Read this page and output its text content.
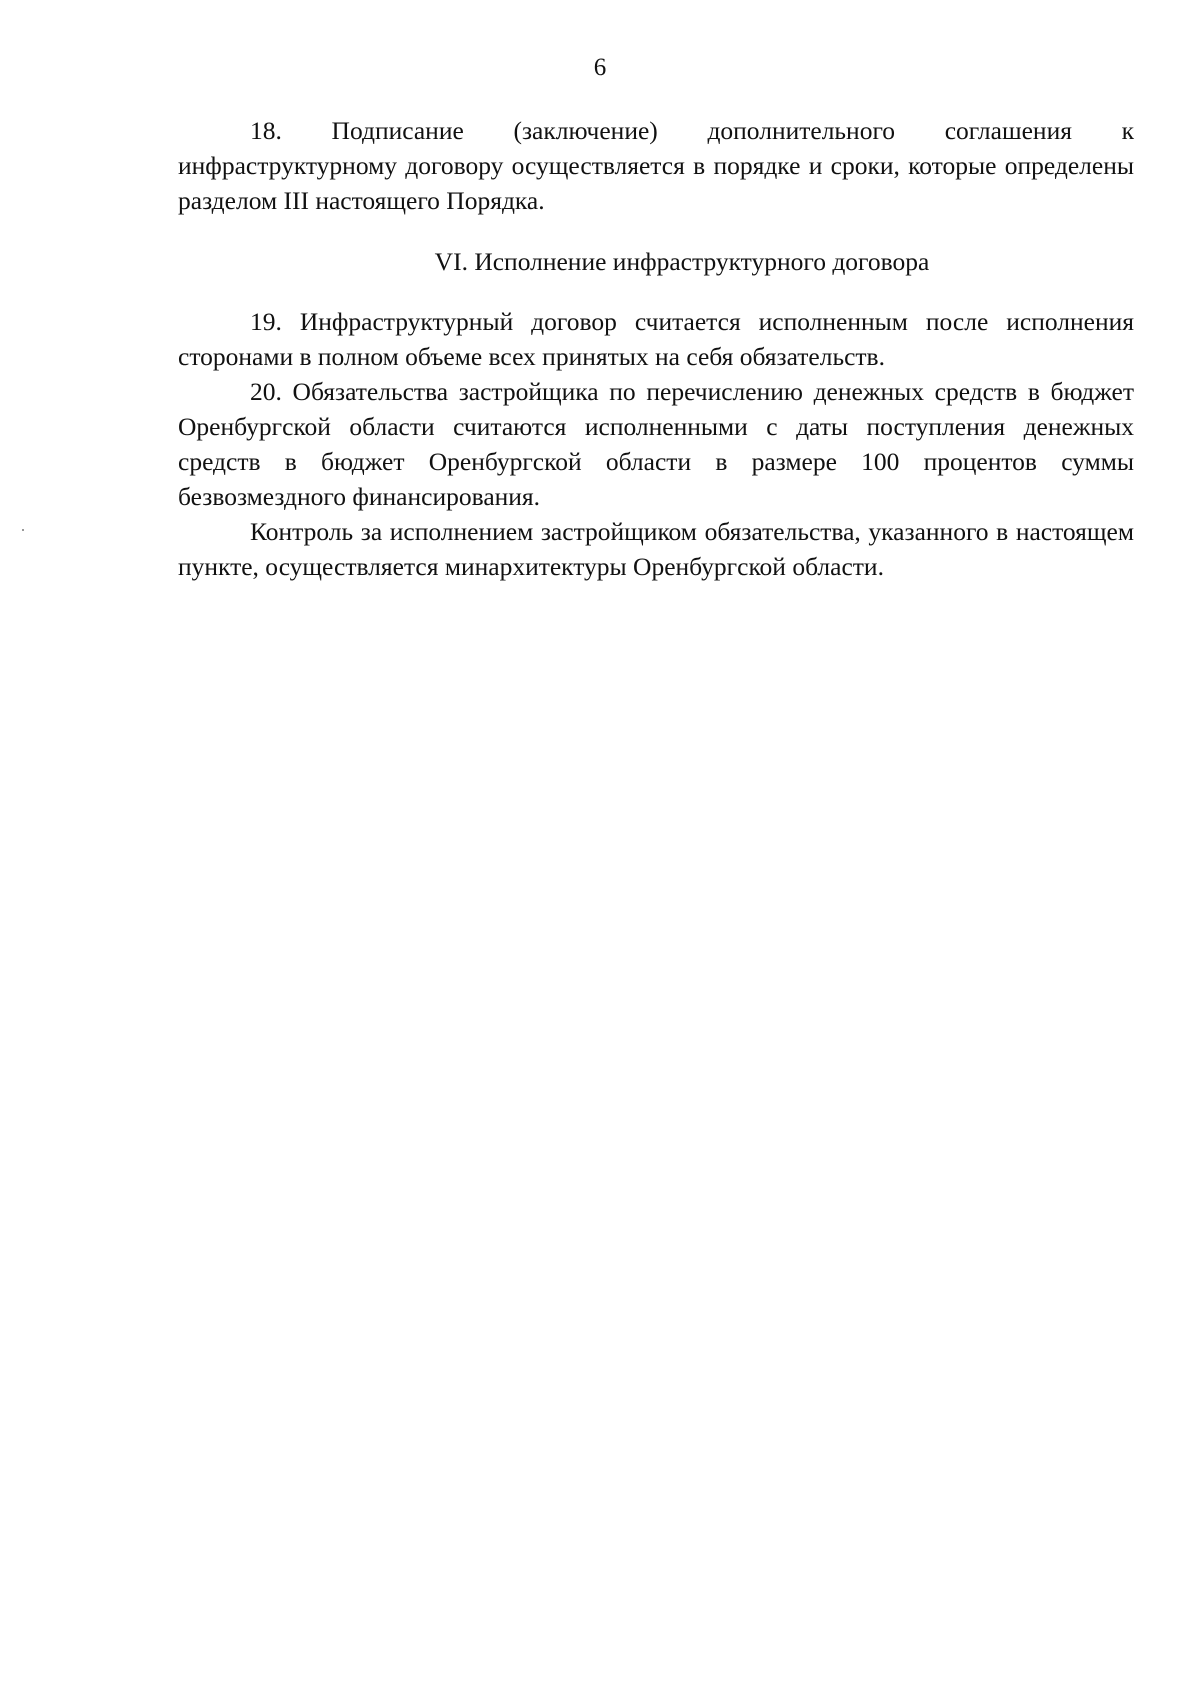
6

18. Подписание (заключение) дополнительного соглашения к инфраструктурному договору осуществляется в порядке и сроки, которые определены разделом III настоящего Порядка.

VI. Исполнение инфраструктурного договора

19. Инфраструктурный договор считается исполненным после исполнения сторонами в полном объеме всех принятых на себя обязательств.

20. Обязательства застройщика по перечислению денежных средств в бюджет Оренбургской области считаются исполненными с даты поступления денежных средств в бюджет Оренбургской области в размере 100 процентов суммы безвозмездного финансирования.

Контроль за исполнением застройщиком обязательства, указанного в настоящем пункте, осуществляется минархитектуры Оренбургской области.
